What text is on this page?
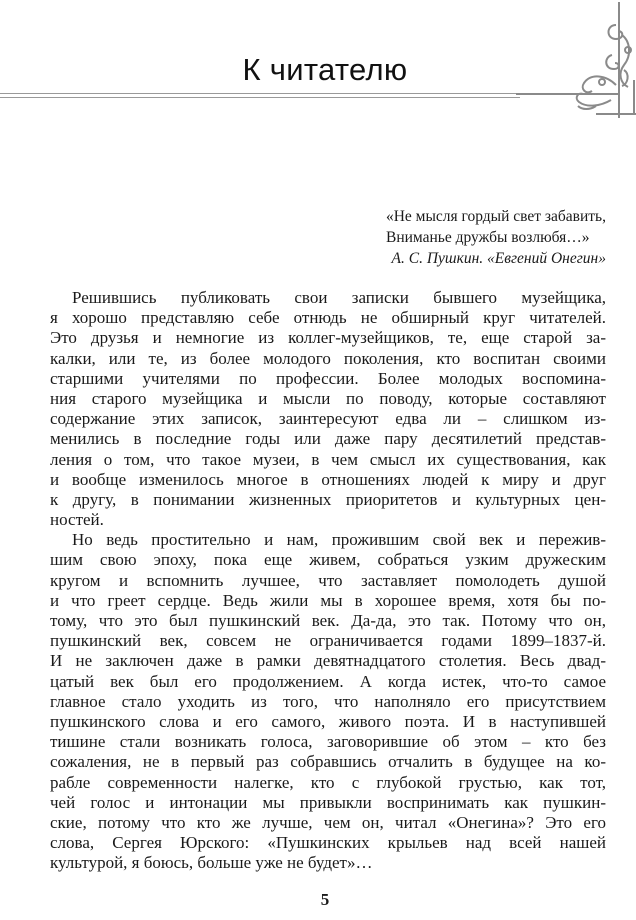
К читателю
«Не мысля гордый свет забавить,
Вниманье дружбы возлюбя…»
А. С. Пушкин. «Евгений Онегин»
Решившись публиковать свои записки бывшего музейщика,
я хорошо представляю себе отнюдь не обширный круг читателей.
Это друзья и немногие из коллег-музейщиков, те, еще старой за-
калки, или те, из более молодого поколения, кто воспитан своими
старшими учителями по профессии. Более молодых воспомина-
ния старого музейщика и мысли по поводу, которые составляют
содержание этих записок, заинтересуют едва ли – слишком из-
менились в последние годы или даже пару десятилетий представ-
ления о том, что такое музеи, в чем смысл их существования, как
и вообще изменилось многое в отношениях людей к миру и друг
к другу, в понимании жизненных приоритетов и культурных цен-
ностей.
Но ведь простительно и нам, прожившим свой век и пережив-
шим свою эпоху, пока еще живем, собраться узким дружеским
кругом и вспомнить лучшее, что заставляет помолодеть душой
и что греет сердце. Ведь жили мы в хорошее время, хотя бы по-
тому, что это был пушкинский век. Да-да, это так. Потому что он,
пушкинский век, совсем не ограничивается годами 1899–1837-й.
И не заключен даже в рамки девятнадцатого столетия. Весь двад-
цатый век был его продолжением. А когда истек, что-то самое
главное стало уходить из того, что наполняло его присутствием
пушкинского слова и его самого, живого поэта. И в наступившей
тишине стали возникать голоса, заговорившие об этом – кто без
сожаления, не в первый раз собравшись отчалить в будущее на ко-
рабле современности налегке, кто с глубокой грустью, как тот,
чей голос и интонации мы привыкли воспринимать как пушкин-
ские, потому что кто же лучше, чем он, читал «Онегина»? Это его
слова, Сергея Юрского: «Пушкинских крыльев над всей нашей
культурой, я боюсь, больше уже не будет»…
5
